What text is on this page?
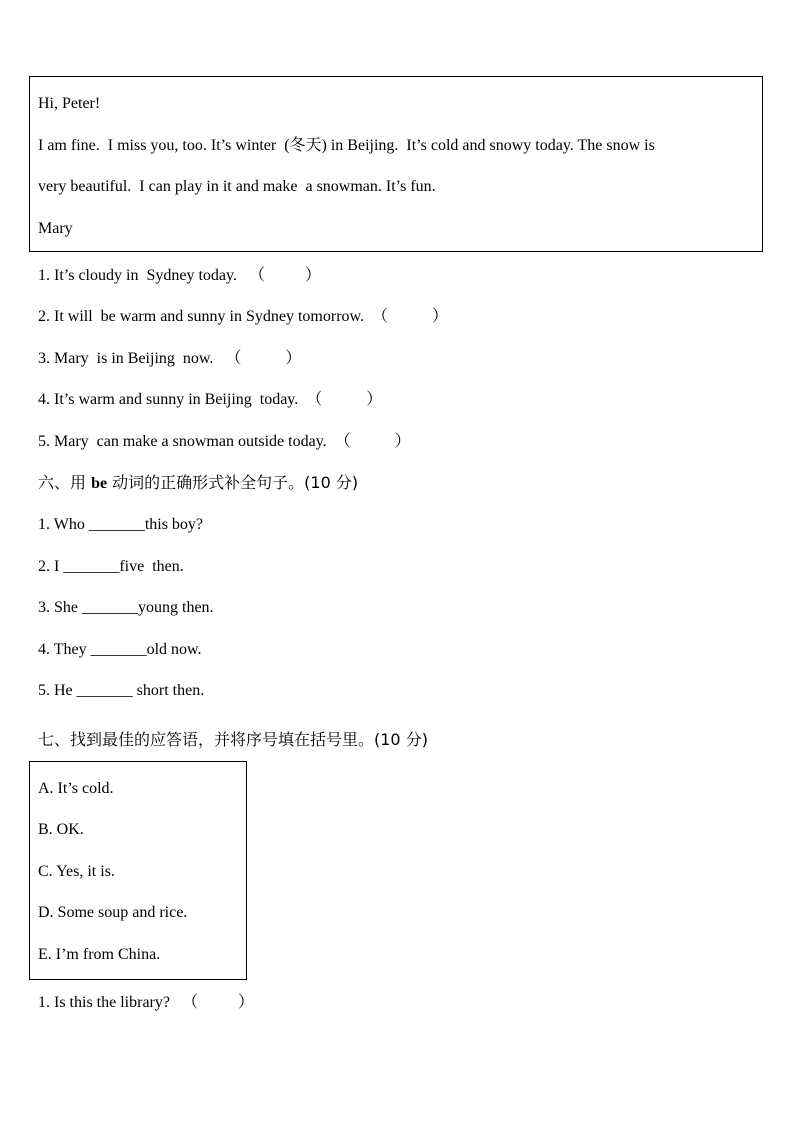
Hi, Peter!
I am fine.  I miss you, too. It’s winter  (冬天) in Beijing.  It’s cold and snowy today. The snow is
very beautiful.  I can play in it and make  a snowman. It’s fun.
Mary
1. It’s cloudy in  Sydney today.   （          ）
2. It will  be warm and sunny in Sydney tomorrow.  （           ）
3. Mary  is in Beijing  now.   （           ）
4. It’s warm and sunny in Beijing  today.  （           ）
5. Mary  can make a snowman outside today.  （           ）
六、用 be 动词的正确形式补全句子。(10 分)
1. Who _______this boy?
2. I _______five  then.
3. She _______young then.
4. They _______old now.
5. He _______ short then.
七、找到最佳的应答语，并将序号填在括号里。(10 分)
A. It’s cold.
B. OK.
C. Yes, it is.
D. Some soup and rice.
E. I’m from China.
1. Is this the library?   （          ）
